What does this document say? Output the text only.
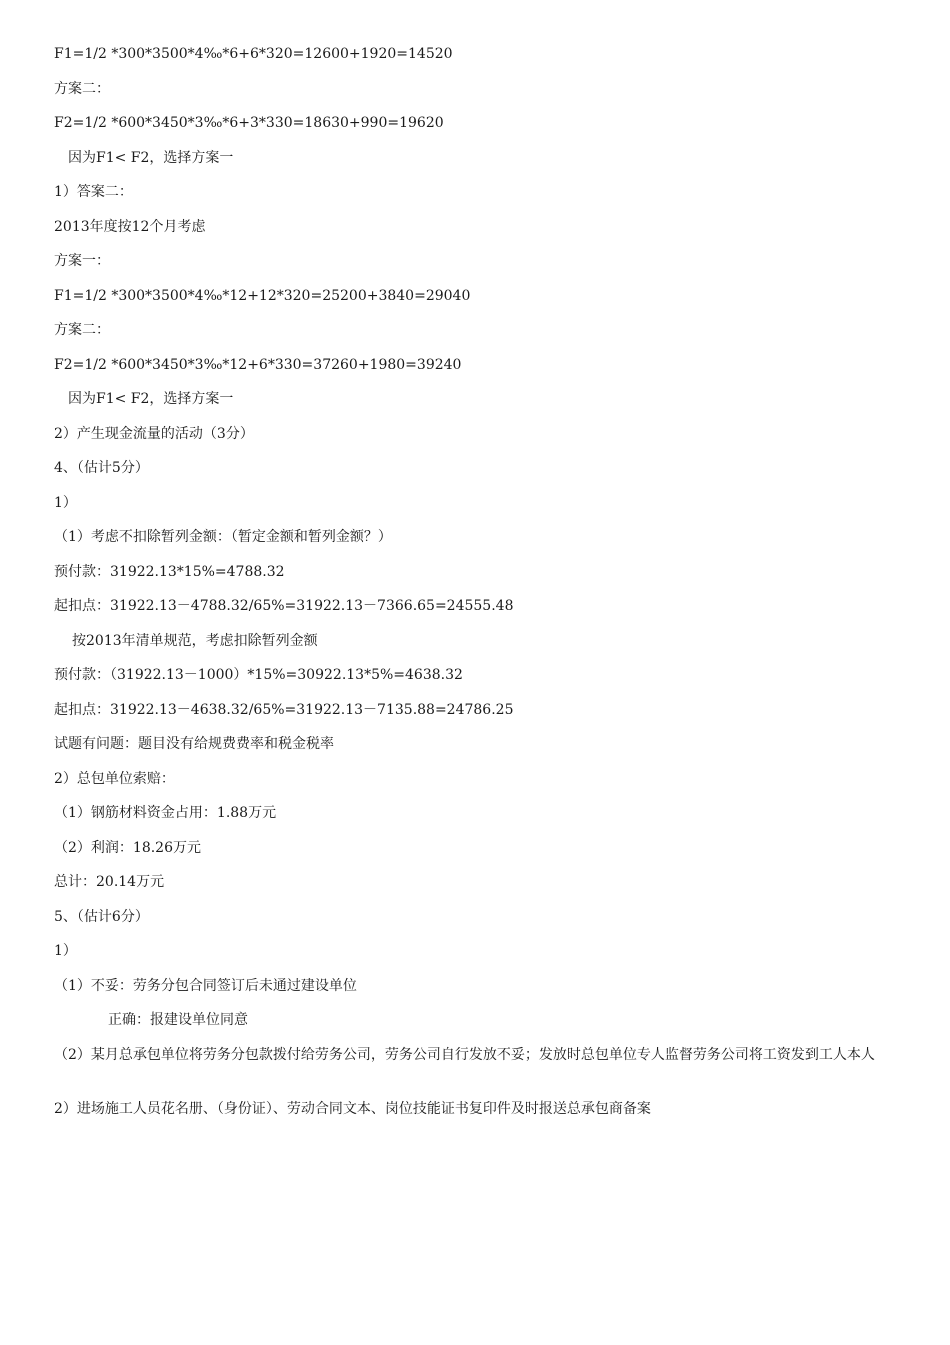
F1=1/2 *300*3500*4‰*6+6*320=12600+1920=14520
方案二：
F2=1/2 *600*3450*3‰*6+3*330=18630+990=19620
因为F1< F2，选择方案一
1）答案二：
2013年度按12个月考虑
方案一：
F1=1/2 *300*3500*4‰*12+12*320=25200+3840=29040
方案二：
F2=1/2 *600*3450*3‰*12+6*330=37260+1980=39240
因为F1< F2，选择方案一
2）产生现金流量的活动（3分）
4、（估计5分）
1）
（1）考虑不扣除暂列金额：（暂定金额和暂列金额？）
预付款：31922.13*15%=4788.32
起扣点：31922.13－4788.32/65%=31922.13－7366.65=24555.48
按2013年清单规范，考虑扣除暂列金额
预付款：（31922.13－1000）*15%=30922.13*5%=4638.32
起扣点：31922.13－4638.32/65%=31922.13－7135.88=24786.25
试题有问题：题目没有给规费费率和税金税率
2）总包单位索赔：
（1）钢筋材料资金占用：1.88万元
（2）利润：18.26万元
总计：20.14万元
5、（估计6分）
1）
（1）不妥：劳务分包合同签订后未通过建设单位
正确：报建设单位同意
（2）某月总承包单位将劳务分包款拨付给劳务公司，劳务公司自行发放不妥；发放时总包单位专人监督劳务公司将工资发到工人本人
2）进场施工人员花名册、（身份证）、劳动合同文本、岗位技能证书复印件及时报送总承包商备案
